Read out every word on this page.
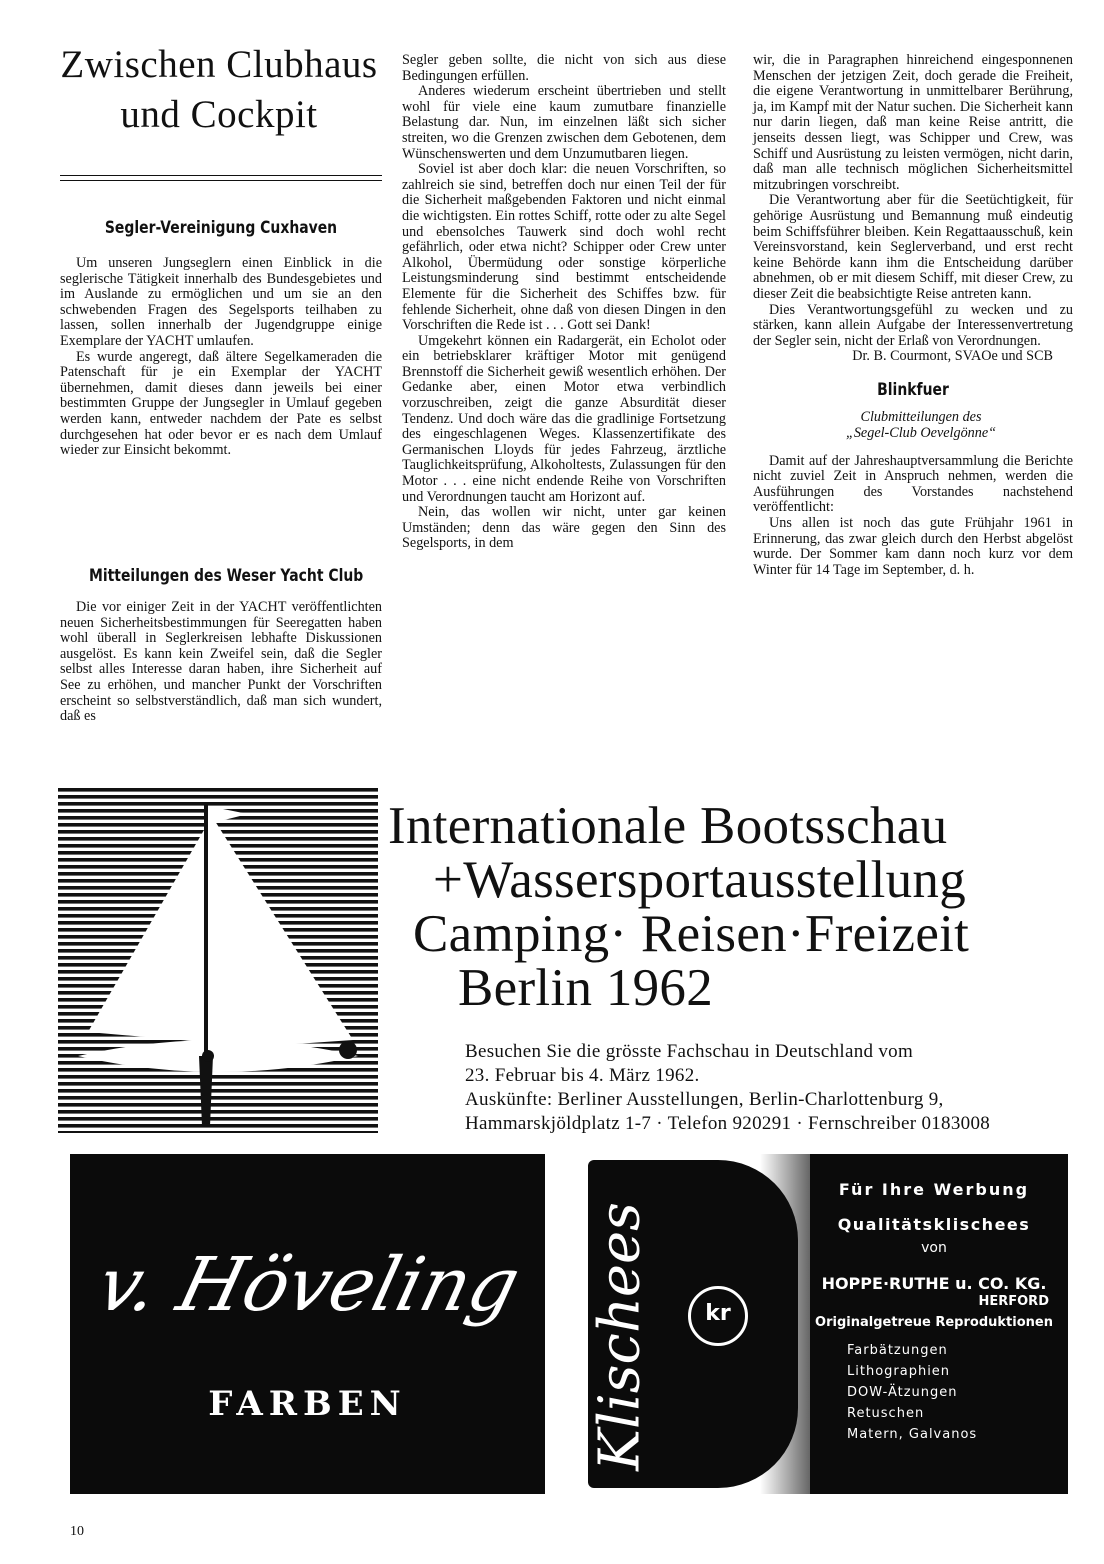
Zwischen Clubhaus
und Cockpit
Segler-Vereinigung Cuxhaven

Um unseren Jungseglern einen Einblick in die seglerische Tätigkeit innerhalb des Bundesgebietes und im Auslande zu ermöglichen und um sie an den schwebenden Fragen des Segelsports teilhaben zu lassen, sollen innerhalb der Jugendgruppe einige Exemplare der YACHT umlaufen.

Es wurde angeregt, daß ältere Segelkameraden die Patenschaft für je ein Exemplar der YACHT übernehmen, damit dieses dann jeweils bei einer bestimmten Gruppe der Jungsegler in Umlauf gegeben werden kann, entweder nachdem der Pate es selbst durchgesehen hat oder bevor er es nach dem Umlauf wieder zur Einsicht bekommt.

Mitteilungen des Weser Yacht Club

Die vor einiger Zeit in der YACHT veröffentlichten neuen Sicherheitsbestimmungen für Seeregatten haben wohl überall in Seglerkreisen lebhafte Diskussionen ausgelöst. Es kann kein Zweifel sein, daß die Segler selbst alles Interesse daran haben, ihre Sicherheit auf See zu erhöhen, und mancher Punkt der Vorschriften erscheint so selbstverständlich, daß man sich wundert, daß es

Segler geben sollte, die nicht von sich aus diese Bedingungen erfüllen.

Anderes wiederum erscheint übertrieben und stellt wohl für viele eine kaum zumutbare finanzielle Belastung dar. Nun, im einzelnen läßt sich sicher streiten, wo die Grenzen zwischen dem Gebotenen, dem Wünschenswerten und dem Unzumutbaren liegen.

Soviel ist aber doch klar: die neuen Vorschriften, so zahlreich sie sind, betreffen doch nur einen Teil der für die Sicherheit maßgebenden Faktoren und nicht einmal die wichtigsten. Ein rottes Schiff, rotte oder zu alte Segel und ebensolches Tauwerk sind doch wohl recht gefährlich, oder etwa nicht? Schipper oder Crew unter Alkohol, Übermüdung oder sonstige körperliche Leistungsminderung sind bestimmt entscheidende Elemente für die Sicherheit des Schiffes bzw. für fehlende Sicherheit, ohne daß von diesen Dingen in den Vorschriften die Rede ist . . . Gott sei Dank!

Umgekehrt können ein Radargerät, ein Echolot oder ein betriebsklarer kräftiger Motor mit genügend Brennstoff die Sicherheit gewiß wesentlich erhöhen. Der Gedanke aber, einen Motor etwa verbindlich vorzuschreiben, zeigt die ganze Absurdität dieser Tendenz. Und doch wäre das die gradlinige Fortsetzung des eingeschlagenen Weges. Klassenzertifikate des Germanischen Lloyds für jedes Fahrzeug, ärztliche Tauglichkeitsprüfung, Alkoholtests, Zulassungen für den Motor . . . eine nicht endende Reihe von Vorschriften und Verordnungen taucht am Horizont auf.

Nein, das wollen wir nicht, unter gar keinen Umständen; denn das wäre gegen den Sinn des Segelsports, in dem

wir, die in Paragraphen hinreichend eingesponnenen Menschen der jetzigen Zeit, doch gerade die Freiheit, die eigene Verantwortung in unmittelbarer Berührung, ja, im Kampf mit der Natur suchen. Die Sicherheit kann nur darin liegen, daß man keine Reise antritt, die jenseits dessen liegt, was Schipper und Crew, was Schiff und Ausrüstung zu leisten vermögen, nicht darin, daß man alle technisch möglichen Sicherheitsmittel mitzubringen vorschreibt.

Die Verantwortung aber für die Seetüchtigkeit, für gehörige Ausrüstung und Bemannung muß eindeutig beim Schiffsführer bleiben. Kein Regattaausschuß, kein Vereinsvorstand, kein Seglerverband, und erst recht keine Behörde kann ihm die Entscheidung darüber abnehmen, ob er mit diesem Schiff, mit dieser Crew, zu dieser Zeit die beabsichtigte Reise antreten kann.

Dies Verantwortungsgefühl zu wecken und zu stärken, kann allein Aufgabe der Interessenvertretung der Segler sein, nicht der Erlaß von Verordnungen.

Dr. B. Courmont, SVAOe und SCB

Blinkfuer

Clubmitteilungen des

„Segel-Club Oevelgönne“

Damit auf der Jahreshauptversammlung die Berichte nicht zuviel Zeit in Anspruch nehmen, werden die Ausführungen des Vorstandes nachstehend veröffentlicht:

Uns allen ist noch das gute Frühjahr 1961 in Erinnerung, das zwar gleich durch den Herbst abgelöst wurde. Der Sommer kam dann noch kurz vor dem Winter für 14 Tage im September, d. h.

Internationale Bootsschau
+Wassersportausstellung
Camping· Reisen·Freizeit
Berlin 1962
Besuchen Sie die grösste Fachschau in Deutschland vom
23. Februar bis 4. März 1962.
Auskünfte: Berliner Ausstellungen, Berlin-Charlottenburg 9,
Hammarskjöldplatz 1-7 · Telefon 920291 · Fernschreiber 0183008
v. Höveling
FARBEN	Klischees	kr
Für Ihre Werbung
Qualitätsklischees
von
HOPPE·RUTHE u. CO. KG.
HERFORD
Originalgetreue Reproduktionen
Farbätzungen
Lithographien
DOW-Ätzungen
Retuschen
Matern, Galvanos
10
